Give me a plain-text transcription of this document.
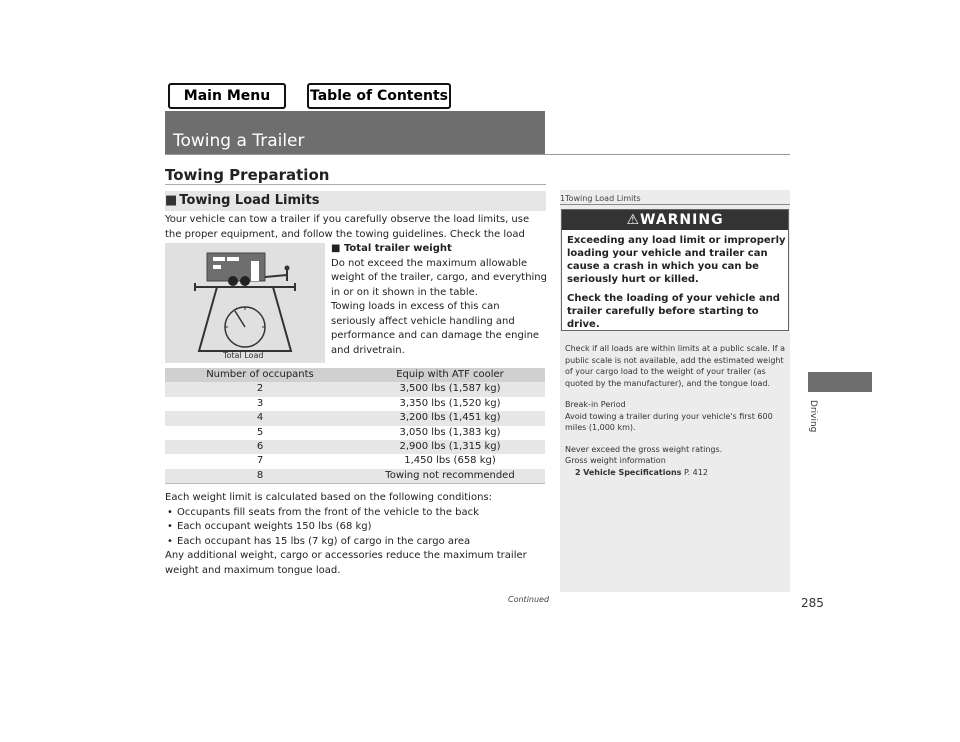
Main Menu	Table of Contents
Towing a Trailer
Towing Preparation
■ Towing Load Limits
Your vehicle can tow a trailer if you carefully observe the load limits, use the proper equipment, and follow the towing guidelines. Check the load
Total Load
■ Total trailer weight
Do not exceed the maximum allowable weight of the trailer, cargo, and everything in or on it shown in the table.
Towing loads in excess of this can seriously affect vehicle handling and performance and can damage the engine and drivetrain.
Number of occupants	Equip with ATF cooler
2	3,500 lbs (1,587 kg)
3	3,350 lbs (1,520 kg)
4	3,200 lbs (1,451 kg)
5	3,050 lbs (1,383 kg)
6	2,900 lbs (1,315 kg)
7	1,450 lbs (658 kg)
8	Towing not recommended
Each weight limit is calculated based on the following conditions:
• Occupants fill seats from the front of the vehicle to the back
• Each occupant weights 150 lbs (68 kg)
• Each occupant has 15 lbs (7 kg) of cargo in the cargo area
Any additional weight, cargo or accessories reduce the maximum trailer weight and maximum tongue load.
Continued	285
1Towing Load Limits
⚠WARNING

Exceeding any load limit or improperly loading your vehicle and trailer can cause a crash in which you can be seriously hurt or killed.

Check the loading of your vehicle and trailer carefully before starting to drive.

Check if all loads are within limits at a public scale. If a public scale is not available, add the estimated weight of your cargo load to the weight of your trailer (as quoted by the manufacturer), and the tongue load.

Break-in Period
Avoid towing a trailer during your vehicle's first 600 miles (1,000 km).

Never exceed the gross weight ratings.
Gross weight information
2 Vehicle Specifications P. 412

Driving
